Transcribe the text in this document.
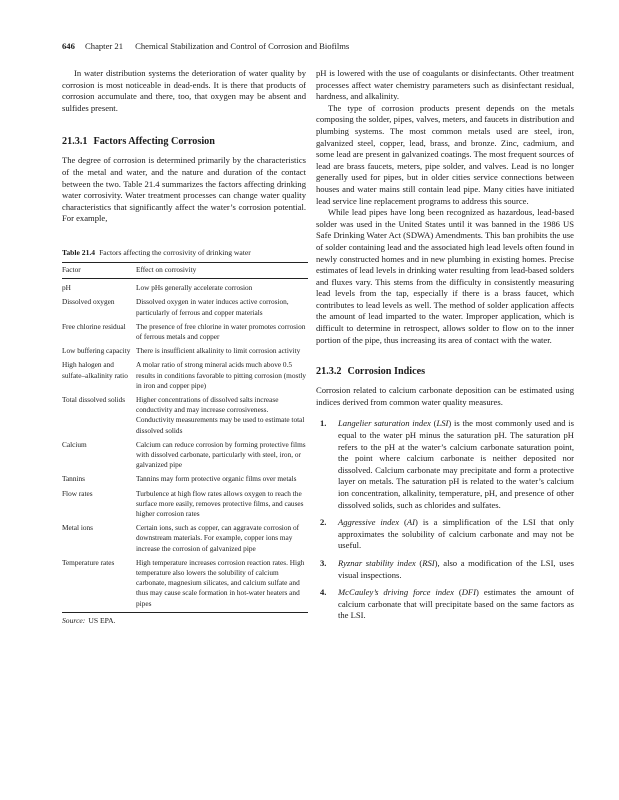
646 Chapter 21 Chemical Stabilization and Control of Corrosion and Biofilms

In water distribution systems the deterioration of water quality by corrosion is most noticeable in dead-ends. It is there that products of corrosion accumulate and there, too, that oxygen may be absent and sulfides present.

21.3.1 Factors Affecting Corrosion

The degree of corrosion is determined primarily by the characteristics of the metal and water, and the nature and duration of the contact between the two. Table 21.4 summarizes the factors affecting drinking water corrosivity. Water treatment processes can change water quality characteristics that significantly affect the water’s corrosion potential. For example,

Table 21.4 Factors affecting the corrosivity of drinking water
Factor	Effect on corrosivity
pH	Low pHs generally accelerate corrosion
Dissolved oxygen	Dissolved oxygen in water induces active corrosion, particularly of ferrous and copper materials
Free chlorine residual	The presence of free chlorine in water promotes corrosion of ferrous metals and copper
Low buffering capacity	There is insufficient alkalinity to limit corrosion activity
High halogen and sulfate–alkalinity ratio	A molar ratio of strong mineral acids much above 0.5 results in conditions favorable to pitting corrosion (mostly in iron and copper pipe)
Total dissolved solids	Higher concentrations of dissolved salts increase conductivity and may increase corrosiveness. Conductivity measurements may be used to estimate total dissolved solids
Calcium	Calcium can reduce corrosion by forming protective films with dissolved carbonate, particularly with steel, iron, or galvanized pipe
Tannins	Tannins may form protective organic films over metals
Flow rates	Turbulence at high flow rates allows oxygen to reach the surface more easily, removes protective films, and causes higher corrosion rates
Metal ions	Certain ions, such as copper, can aggravate corrosion of downstream materials. For example, copper ions may increase the corrosion of galvanized pipe
Temperature rates	High temperature increases corrosion reaction rates. High temperature also lowers the solubility of calcium carbonate, magnesium silicates, and calcium sulfate and thus may cause scale formation in hot-water heaters and pipes
Source: US EPA.

pH is lowered with the use of coagulants or disinfectants. Other treatment processes affect water chemistry parameters such as disinfectant residual, hardness, and alkalinity.

The type of corrosion products present depends on the metals composing the solder, pipes, valves, meters, and faucets in distribution and plumbing systems. The most common metals used are steel, iron, galvanized steel, copper, lead, brass, and bronze. Zinc, cadmium, and some lead are present in galvanized coatings. The most frequent sources of lead are brass faucets, meters, pipe solder, and valves. Lead is no longer generally used for pipes, but in older cities service connections between houses and water mains still contain lead pipe. Many cities have initiated lead service line replacement programs to address this source.

While lead pipes have long been recognized as hazardous, lead-based solder was used in the United States until it was banned in the 1986 US Safe Drinking Water Act (SDWA) Amendments. This ban prohibits the use of solder containing lead and the associated high lead levels often found in newly constructed homes and in new plumbing in existing homes. Precise estimates of lead levels in drinking water resulting from lead-based solders and fluxes vary. This stems from the difficulty in consistently measuring lead levels from the tap, especially if there is a brass faucet, which contributes to lead levels as well. The method of solder application affects the amount of lead imparted to the water. Improper application, which is difficult to determine in retrospect, allows solder to flow on to the inner portion of the pipe, thus increasing its area of contact with the water.

21.3.2 Corrosion Indices

Corrosion related to calcium carbonate deposition can be estimated using indices derived from common water quality measures.

1. Langelier saturation index (LSI) is the most commonly used and is equal to the water pH minus the saturation pH. The saturation pH refers to the pH at the water’s calcium carbonate saturation point, the point where calcium carbonate is neither deposited nor dissolved. Calcium carbonate may precipitate and form a protective layer on metals. The saturation pH is related to the water’s calcium ion concentration, alkalinity, temperature, pH, and presence of other dissolved solids, such as chlorides and sulfates.
2. Aggressive index (AI) is a simplification of the LSI that only approximates the solubility of calcium carbonate and may not be useful.
3. Ryznar stability index (RSI), also a modification of the LSI, uses visual inspections.
4. McCauley’s driving force index (DFI) estimates the amount of calcium carbonate that will precipitate based on the same factors as the LSI.
